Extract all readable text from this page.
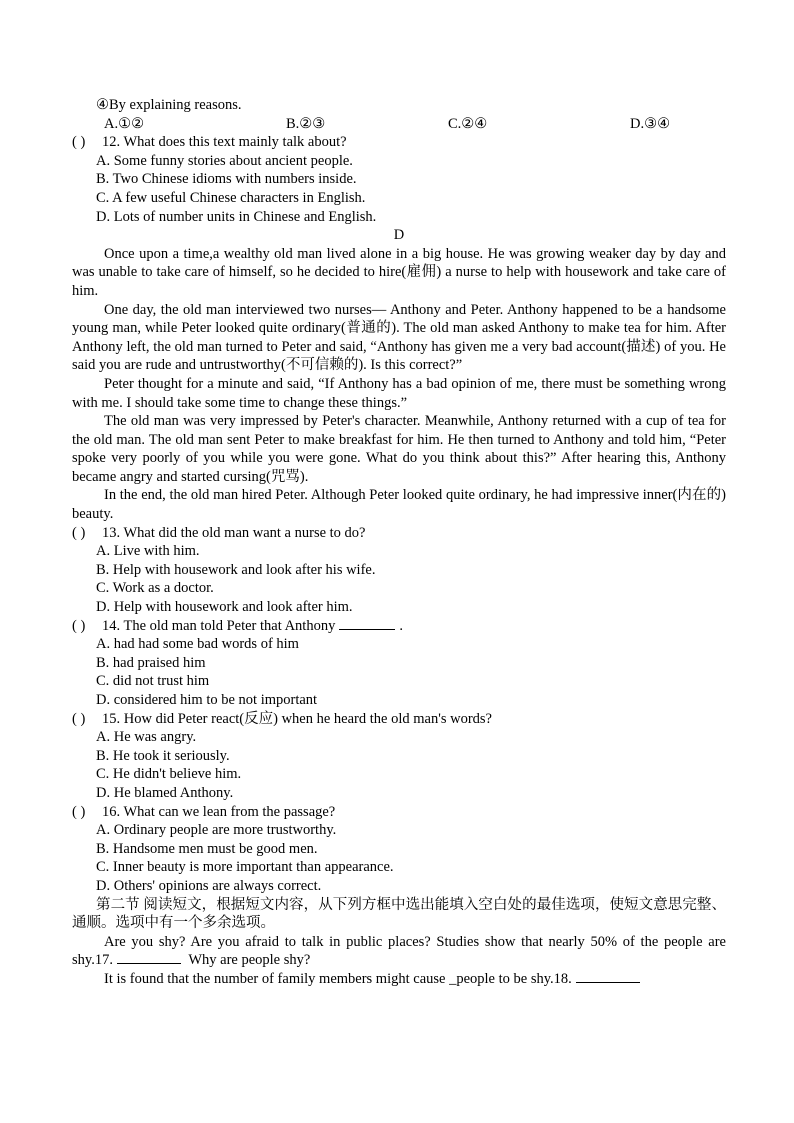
④By explaining reasons.
A.①②	B.②③	C.②④	D.③④
( ) 12. What does this text mainly talk about?
A. Some funny stories about ancient people.
B. Two Chinese idioms with numbers inside.
C. A few useful Chinese characters in English.
D. Lots of number units in Chinese and English.
D

Once upon a time,a wealthy old man lived alone in a big house. He was growing weaker day by day and was unable to take care of himself, so he decided to hire(雇佣) a nurse to help with housework and take care of him.

One day, the old man interviewed two nurses— Anthony and Peter. Anthony happened to be a handsome young man, while Peter looked quite ordinary(普通的). The old man asked Anthony to make tea for him. After Anthony left, the old man turned to Peter and said, “Anthony has given me a very bad account(描述) of you. He said you are rude and untrustworthy(不可信赖的). Is this correct?”

Peter thought for a minute and said, “If Anthony has a bad opinion of me, there must be something wrong with me. I should take some time to change these things.”

The old man was very impressed by Peter's character. Meanwhile, Anthony returned with a cup of tea for the old man. The old man sent Peter to make breakfast for him. He then turned to Anthony and told him, “Peter spoke very poorly of you while you were gone. What do you think about this?” After hearing this, Anthony became angry and started cursing(咒骂).

In the end, the old man hired Peter. Although Peter looked quite ordinary, he had impressive inner(内在的) beauty.

( ) 13. What did the old man want a nurse to do?
A. Live with him.
B. Help with housework and look after his wife.
C. Work as a doctor.
D. Help with housework and look after him.
( ) 14. The old man told Peter that Anthony	.
A. had had some bad words of him
B. had praised him
C. did not trust him
D. considered him to be not important
( ) 15. How did Peter react(反应) when he heard the old man's words?
A. He was angry.
B. He took it seriously.
C. He didn't believe him.
D. He blamed Anthony.
( ) 16. What can we lean from the passage?
A. Ordinary people are more trustworthy.
B. Handsome men must be good men.
C. Inner beauty is more important than appearance.
D. Others' opinions are always correct.

第二节 阅读短文，根据短文内容，从下列方框中选出能填入空白处的最佳选项，使短文意思完整、通顺。选项中有一个多余选项。

Are you shy? Are you afraid to talk in public places? Studies show that nearly 50% of the people are shy.17.	Why are people shy?

It is found that the number of family members might cause _people to be shy.18.
